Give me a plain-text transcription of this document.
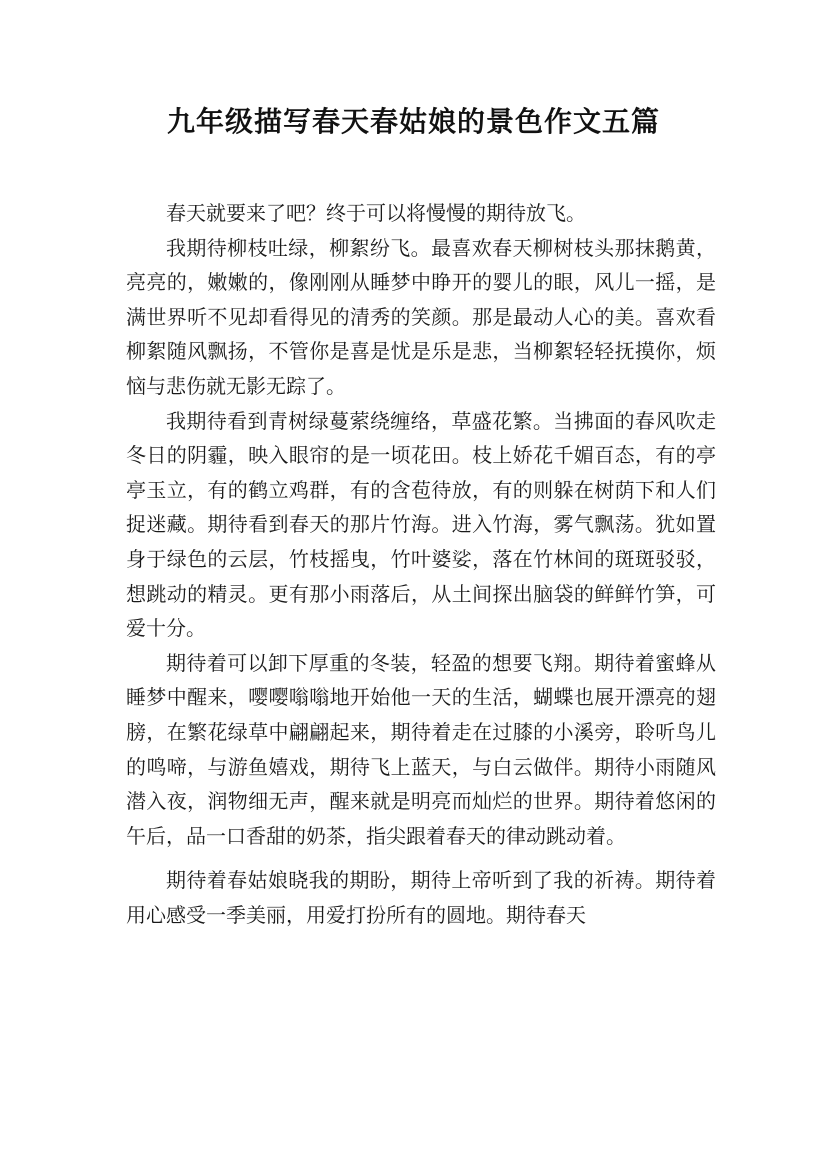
九年级描写春天春姑娘的景色作文五篇

春天就要来了吧？终于可以将慢慢的期待放飞。

我期待柳枝吐绿，柳絮纷飞。最喜欢春天柳树枝头那抹鹅黄，亮亮的，嫩嫩的，像刚刚从睡梦中睁开的婴儿的眼，风儿一摇，是满世界听不见却看得见的清秀的笑颜。那是最动人心的美。喜欢看柳絮随风飘扬，不管你是喜是忧是乐是悲，当柳絮轻轻抚摸你，烦恼与悲伤就无影无踪了。

我期待看到青树绿蔓萦绕缠络，草盛花繁。当拂面的春风吹走冬日的阴霾，映入眼帘的是一顷花田。枝上娇花千媚百态，有的亭亭玉立，有的鹤立鸡群，有的含苞待放，有的则躲在树荫下和人们捉迷藏。期待看到春天的那片竹海。进入竹海，雾气飘荡。犹如置身于绿色的云层，竹枝摇曳，竹叶婆娑，落在竹林间的斑斑驳驳，想跳动的精灵。更有那小雨落后，从土间探出脑袋的鲜鲜竹笋，可爱十分。

期待着可以卸下厚重的冬装，轻盈的想要飞翔。期待着蜜蜂从睡梦中醒来，嘤嘤嗡嗡地开始他一天的生活，蝴蝶也展开漂亮的翅膀，在繁花绿草中翩翩起来，期待着走在过膝的小溪旁，聆听鸟儿的鸣啼，与游鱼嬉戏，期待飞上蓝天，与白云做伴。期待小雨随风潜入夜，润物细无声，醒来就是明亮而灿烂的世界。期待着悠闲的午后，品一口香甜的奶茶，指尖跟着春天的律动跳动着。

期待着春姑娘晓我的期盼，期待上帝听到了我的祈祷。期待着用心感受一季美丽，用爱打扮所有的圆地。期待春天
